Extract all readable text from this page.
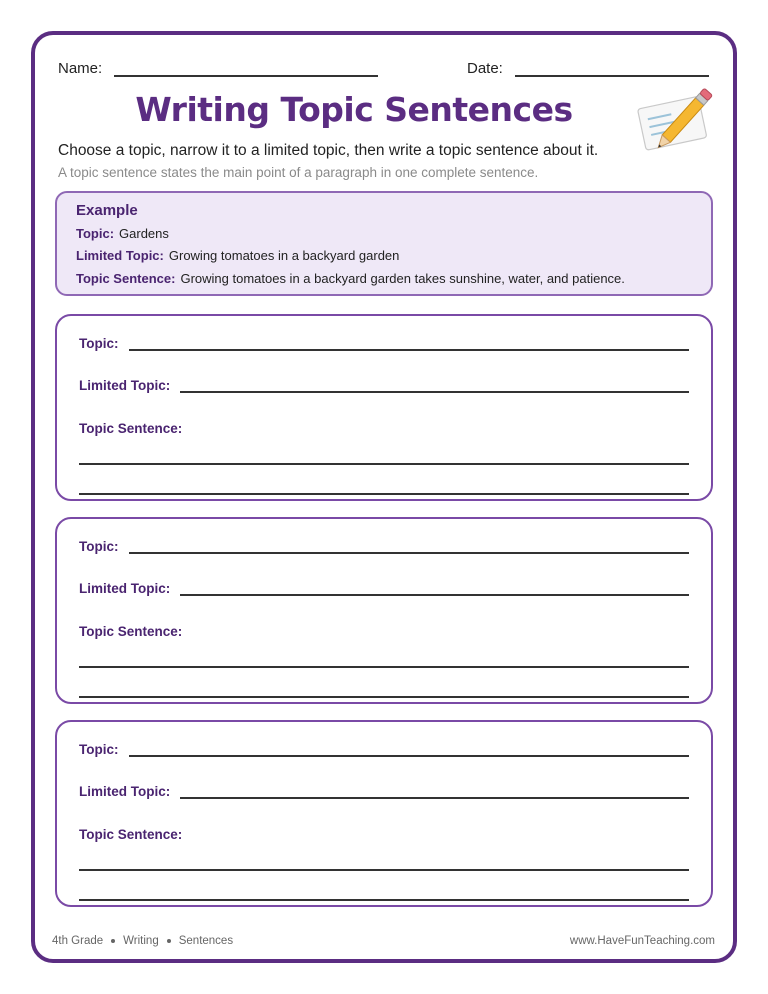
Name:	Date:
Writing Topic Sentences
Choose a topic, narrow it to a limited topic, then write a topic sentence about it.
A topic sentence states the main point of a paragraph in one complete sentence.
Example
Topic: Gardens
Limited Topic: Growing tomatoes in a backyard garden
Topic Sentence: Growing tomatoes in a backyard garden takes sunshine, water, and patience.
Topic:
Limited Topic:
Topic Sentence:
Topic:
Limited Topic:
Topic Sentence:
Topic:
Limited Topic:
Topic Sentence:
4th Grade Writing Sentences	www.HaveFunTeaching.com
